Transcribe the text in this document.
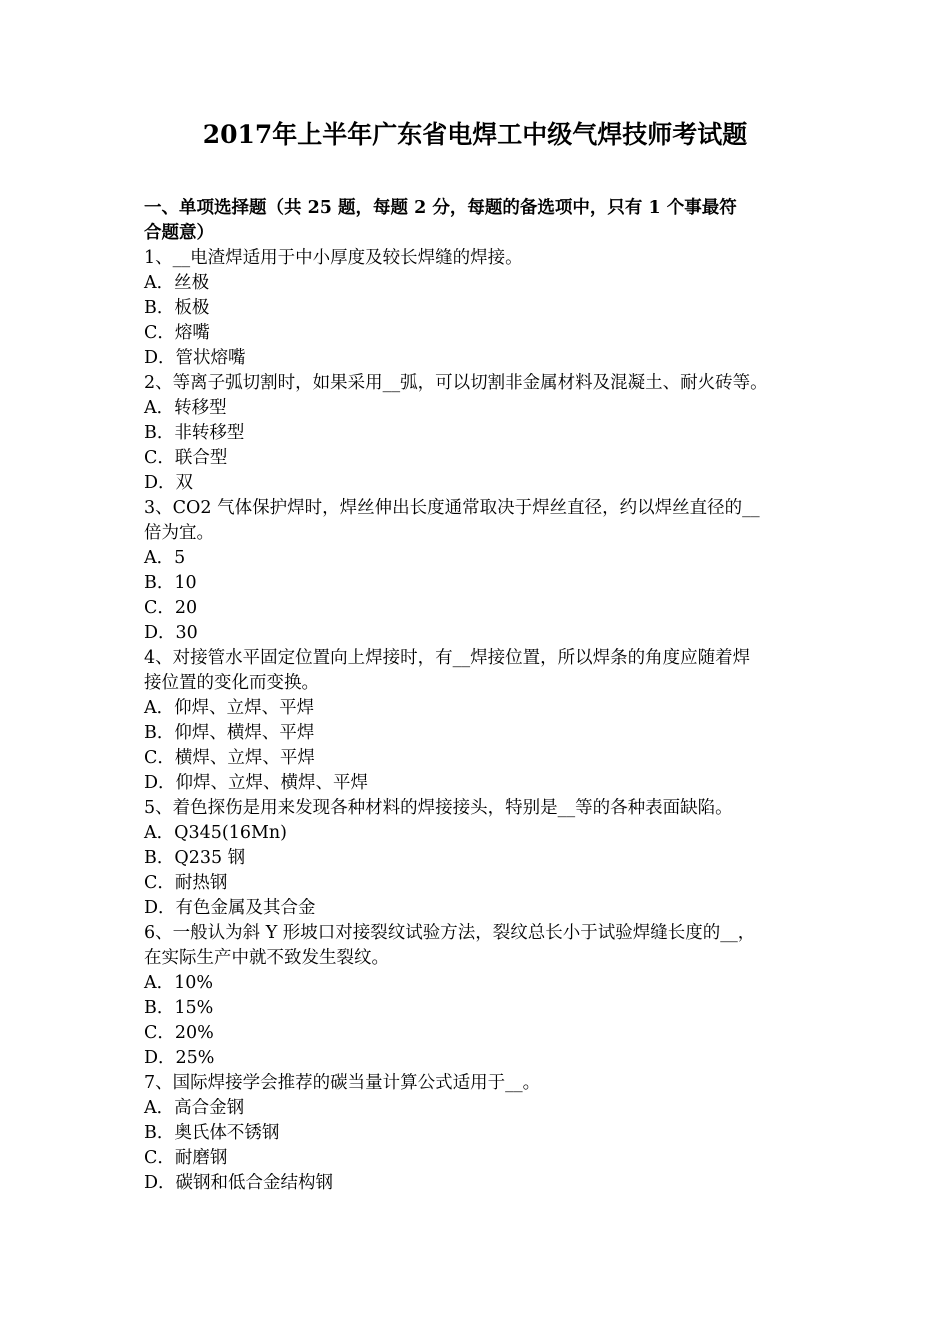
2017年上半年广东省电焊工中级气焊技师考试题
一、单项选择题（共 25 题，每题 2 分，每题的备选项中，只有 1 个事最符
合题意）
1、__电渣焊适用于中小厚度及较长焊缝的焊接。
A．丝极
B．板极
C．熔嘴
D．管状熔嘴
2、等离子弧切割时，如果采用__弧，可以切割非金属材料及混凝土、耐火砖等。
A．转移型
B．非转移型
C．联合型
D．双
3、CO2 气体保护焊时，焊丝伸出长度通常取决于焊丝直径，约以焊丝直径的__
倍为宜。
A．5
B．10
C．20
D．30
4、对接管水平固定位置向上焊接时，有__焊接位置，所以焊条的角度应随着焊
接位置的变化而变换。
A．仰焊、立焊、平焊
B．仰焊、横焊、平焊
C．横焊、立焊、平焊
D．仰焊、立焊、横焊、平焊
5、着色探伤是用来发现各种材料的焊接接头，特别是__等的各种表面缺陷。
A．Q345(16Mn)
B．Q235 钢
C．耐热钢
D．有色金属及其合金
6、一般认为斜 Y 形坡口对接裂纹试验方法，裂纹总长小于试验焊缝长度的__，
在实际生产中就不致发生裂纹。
A．10%
B．15%
C．20%
D．25%
7、国际焊接学会推荐的碳当量计算公式适用于__。
A．高合金钢
B．奥氏体不锈钢
C．耐磨钢
D．碳钢和低合金结构钢
